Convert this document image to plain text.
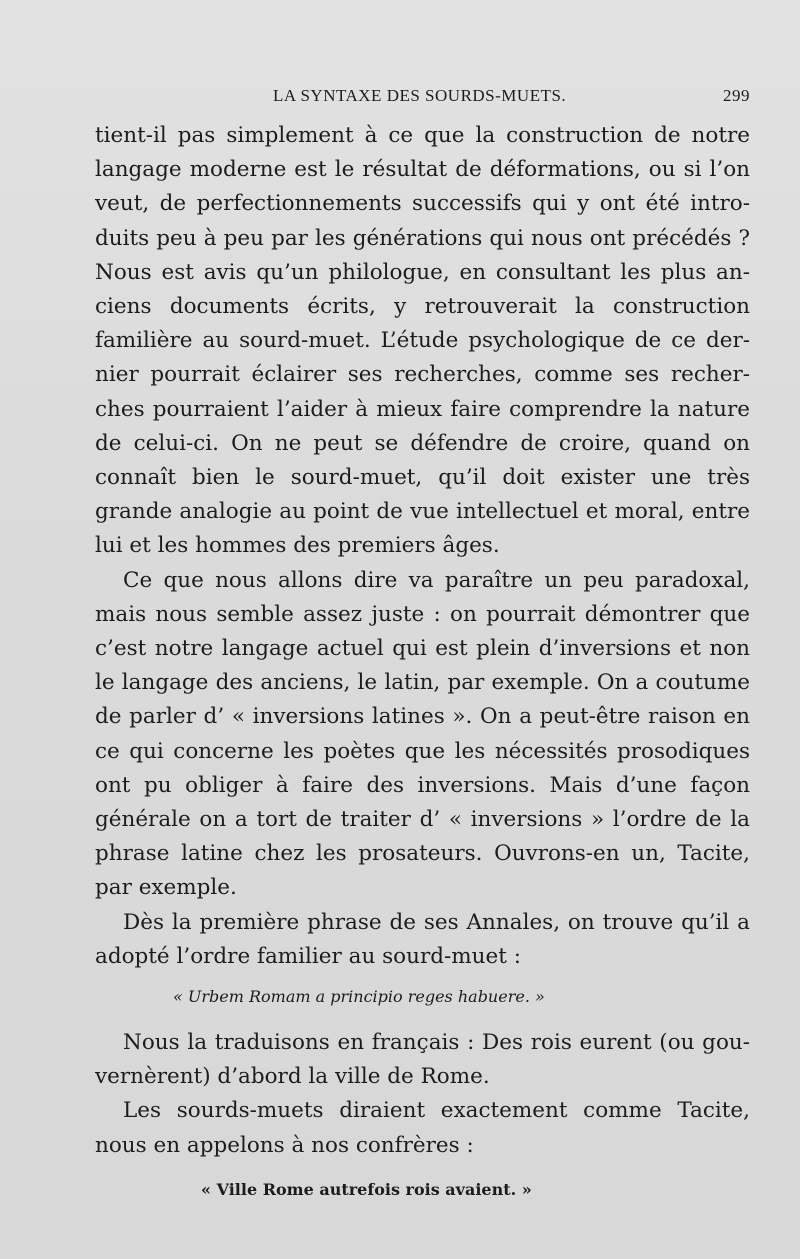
LA SYNTAXE DES SOURDS-MUETS.	299

tient-il pas simplement à ce que la construction de notre langage moderne est le résultat de déformations, ou si l’on veut, de perfectionnements successifs qui y ont été intro-duits peu à peu par les générations qui nous ont précédés ? Nous est avis qu’un philologue, en consultant les plus an-ciens documents écrits, y retrouverait la construction familière au sourd-muet. L’étude psychologique de ce der-nier pourrait éclairer ses recherches, comme ses recher-ches pourraient l’aider à mieux faire comprendre la nature de celui-ci. On ne peut se défendre de croire, quand on connaît bien le sourd-muet, qu’il doit exister une très grande analogie au point de vue intellectuel et moral, entre lui et les hommes des premiers âges.

Ce que nous allons dire va paraître un peu paradoxal, mais nous semble assez juste : on pourrait démontrer que c’est notre langage actuel qui est plein d’inversions et non le langage des anciens, le latin, par exemple. On a coutume de parler d’ « inversions latines ». On a peut-être raison en ce qui concerne les poètes que les nécessités prosodiques ont pu obliger à faire des inversions. Mais d’une façon générale on a tort de traiter d’ « inversions » l’ordre de la phrase latine chez les prosateurs. Ouvrons-en un, Tacite, par exemple.

Dès la première phrase de ses Annales, on trouve qu’il a adopté l’ordre familier au sourd-muet :

« Urbem Romam a principio reges habuere. »

Nous la traduisons en français : Des rois eurent (ou gou-vernèrent) d’abord la ville de Rome.

Les sourds-muets diraient exactement comme Tacite, nous en appelons à nos confrères :

« Ville Rome autrefois rois avaient. »
